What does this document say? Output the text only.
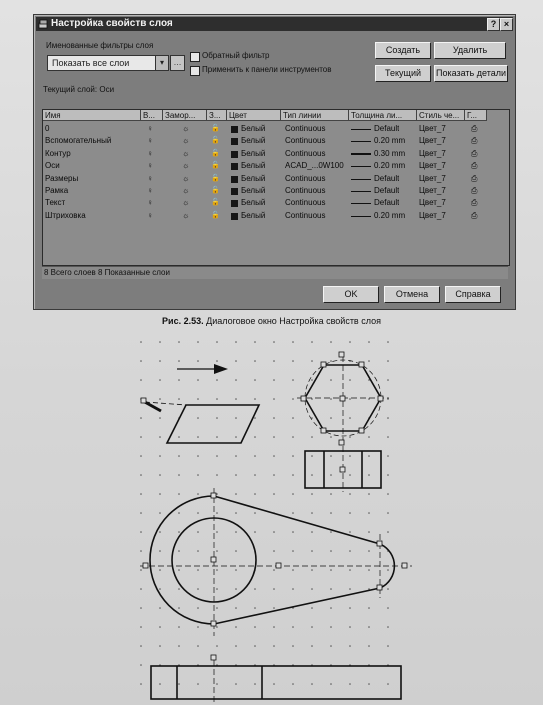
Настройка свойств слоя	? ×
Именованные фильтры слоя
Показать все слои	▾	…
Обратный фильтр
Применить к панели инструментов
Создать	Удалить
Текущий	Показать детали
Текущий слой: Оси
Имя	В...	Замор...	З...	Цвет	Тип линии	Толщина ли...	Стиль че... Г...
0	♀	☼	🔓	Белый Continuous	Default Цвет_7	⎙
Вспомогательный	♀	☼	🔓	Белый Continuous	0.20 mm Цвет_7	⎙
Контур	♀	☼	🔓	Белый Continuous	0.30 mm Цвет_7	⎙
Оси	♀	☼	🔓	Белый ACAD_...0W100	0.20 mm Цвет_7	⎙
Размеры	♀	☼	🔓	Белый Continuous	Default Цвет_7	⎙
Рамка	♀	☼	🔓	Белый Continuous	Default Цвет_7	⎙
Текст	♀	☼	🔓	Белый Continuous	Default Цвет_7	⎙
Штриховка	♀	☼	🔓	Белый Continuous	0.20 mm Цвет_7	⎙
8 Всего слоев 8 Показанные слои
OK	Отмена	Справка
Рис. 2.53. Диалоговое окно Настройка свойств слоя
